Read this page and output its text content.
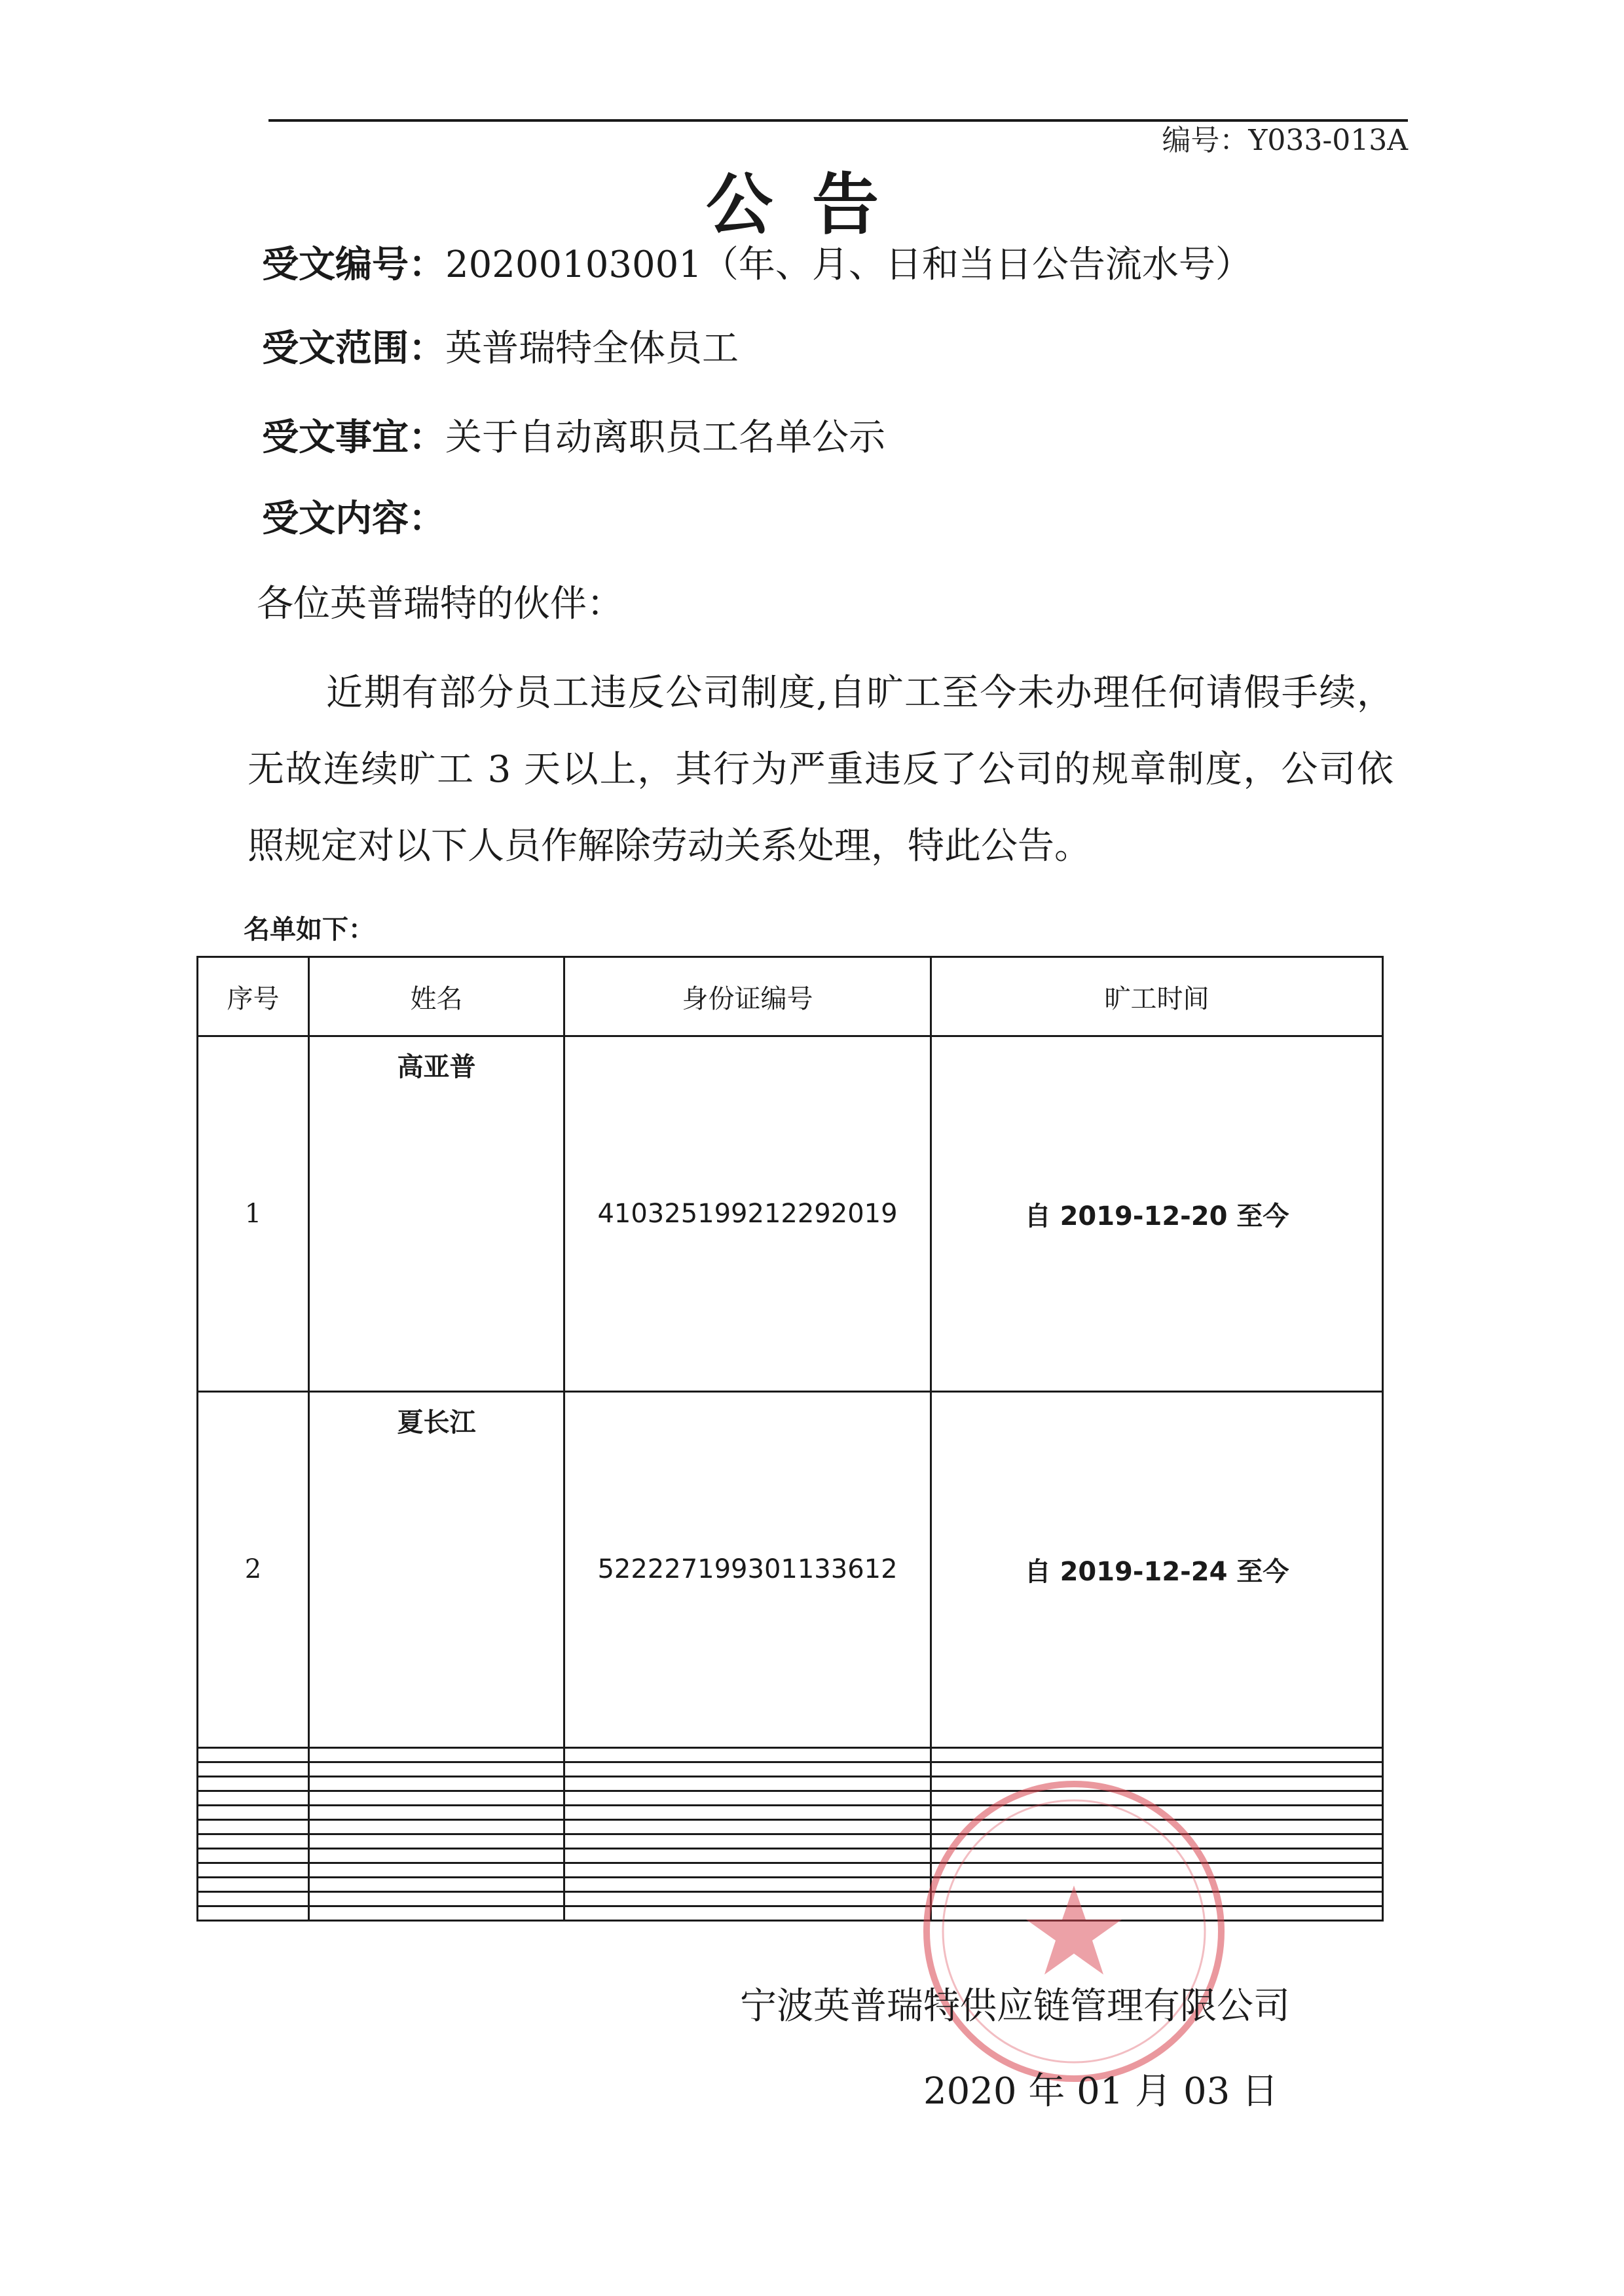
编号：Y033-013A
公告
受文编号：20200103001（年、月、日和当日公告流水号）
受文范围：英普瑞特全体员工
受文事宜：关于自动离职员工名单公示
受文内容：
各位英普瑞特的伙伴：
近期有部分员工违反公司制度,自旷工至今未办理任何请假手续，无故连续旷工 3 天以上，其行为严重违反了公司的规章制度，公司依照规定对以下人员作解除劳动关系处理，特此公告。
名单如下：
序号	姓名	身份证编号	旷工时间
1	高亚普	410325199212292019	自 2019-12-20 至今
2	夏长江	522227199301133612	自 2019-12-24 至今

宁波英普瑞特供应链管理有限公司
2020 年 01 月 03 日
